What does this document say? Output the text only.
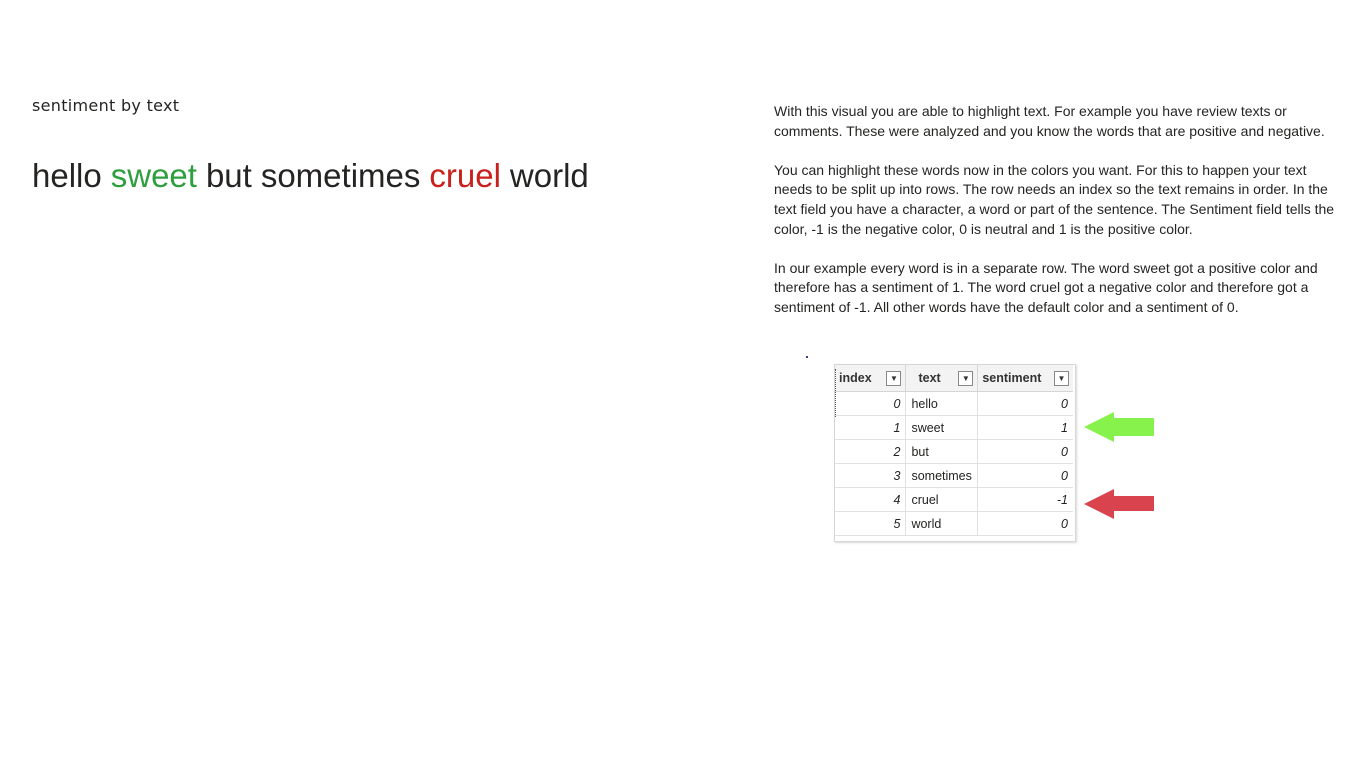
sentiment by text
hello sweet but sometimes cruel world

With this visual you are able to highlight text. For example you have review texts or comments. These were analyzed and you know the words that are positive and negative.

You can highlight these words now in the colors you want. For this to happen your text needs to be split up into rows. The row needs an index so the text remains in order. In the text field you have a character, a word or part of the sentence. The Sentiment field tells the color, -1 is the negative color, 0 is neutral and 1 is the positive color.

In our example every word is in a separate row. The word sweet got a positive color and therefore has a sentiment of 1. The word cruel got a negative color and therefore got a sentiment of -1. All other words have the default color and a sentiment of 0.

index ▼	text ▼	sentiment ▼

0	hello	0
1	sweet	1
2	but	0
3	sometimes	0
4	cruel	-1
5	world	0
